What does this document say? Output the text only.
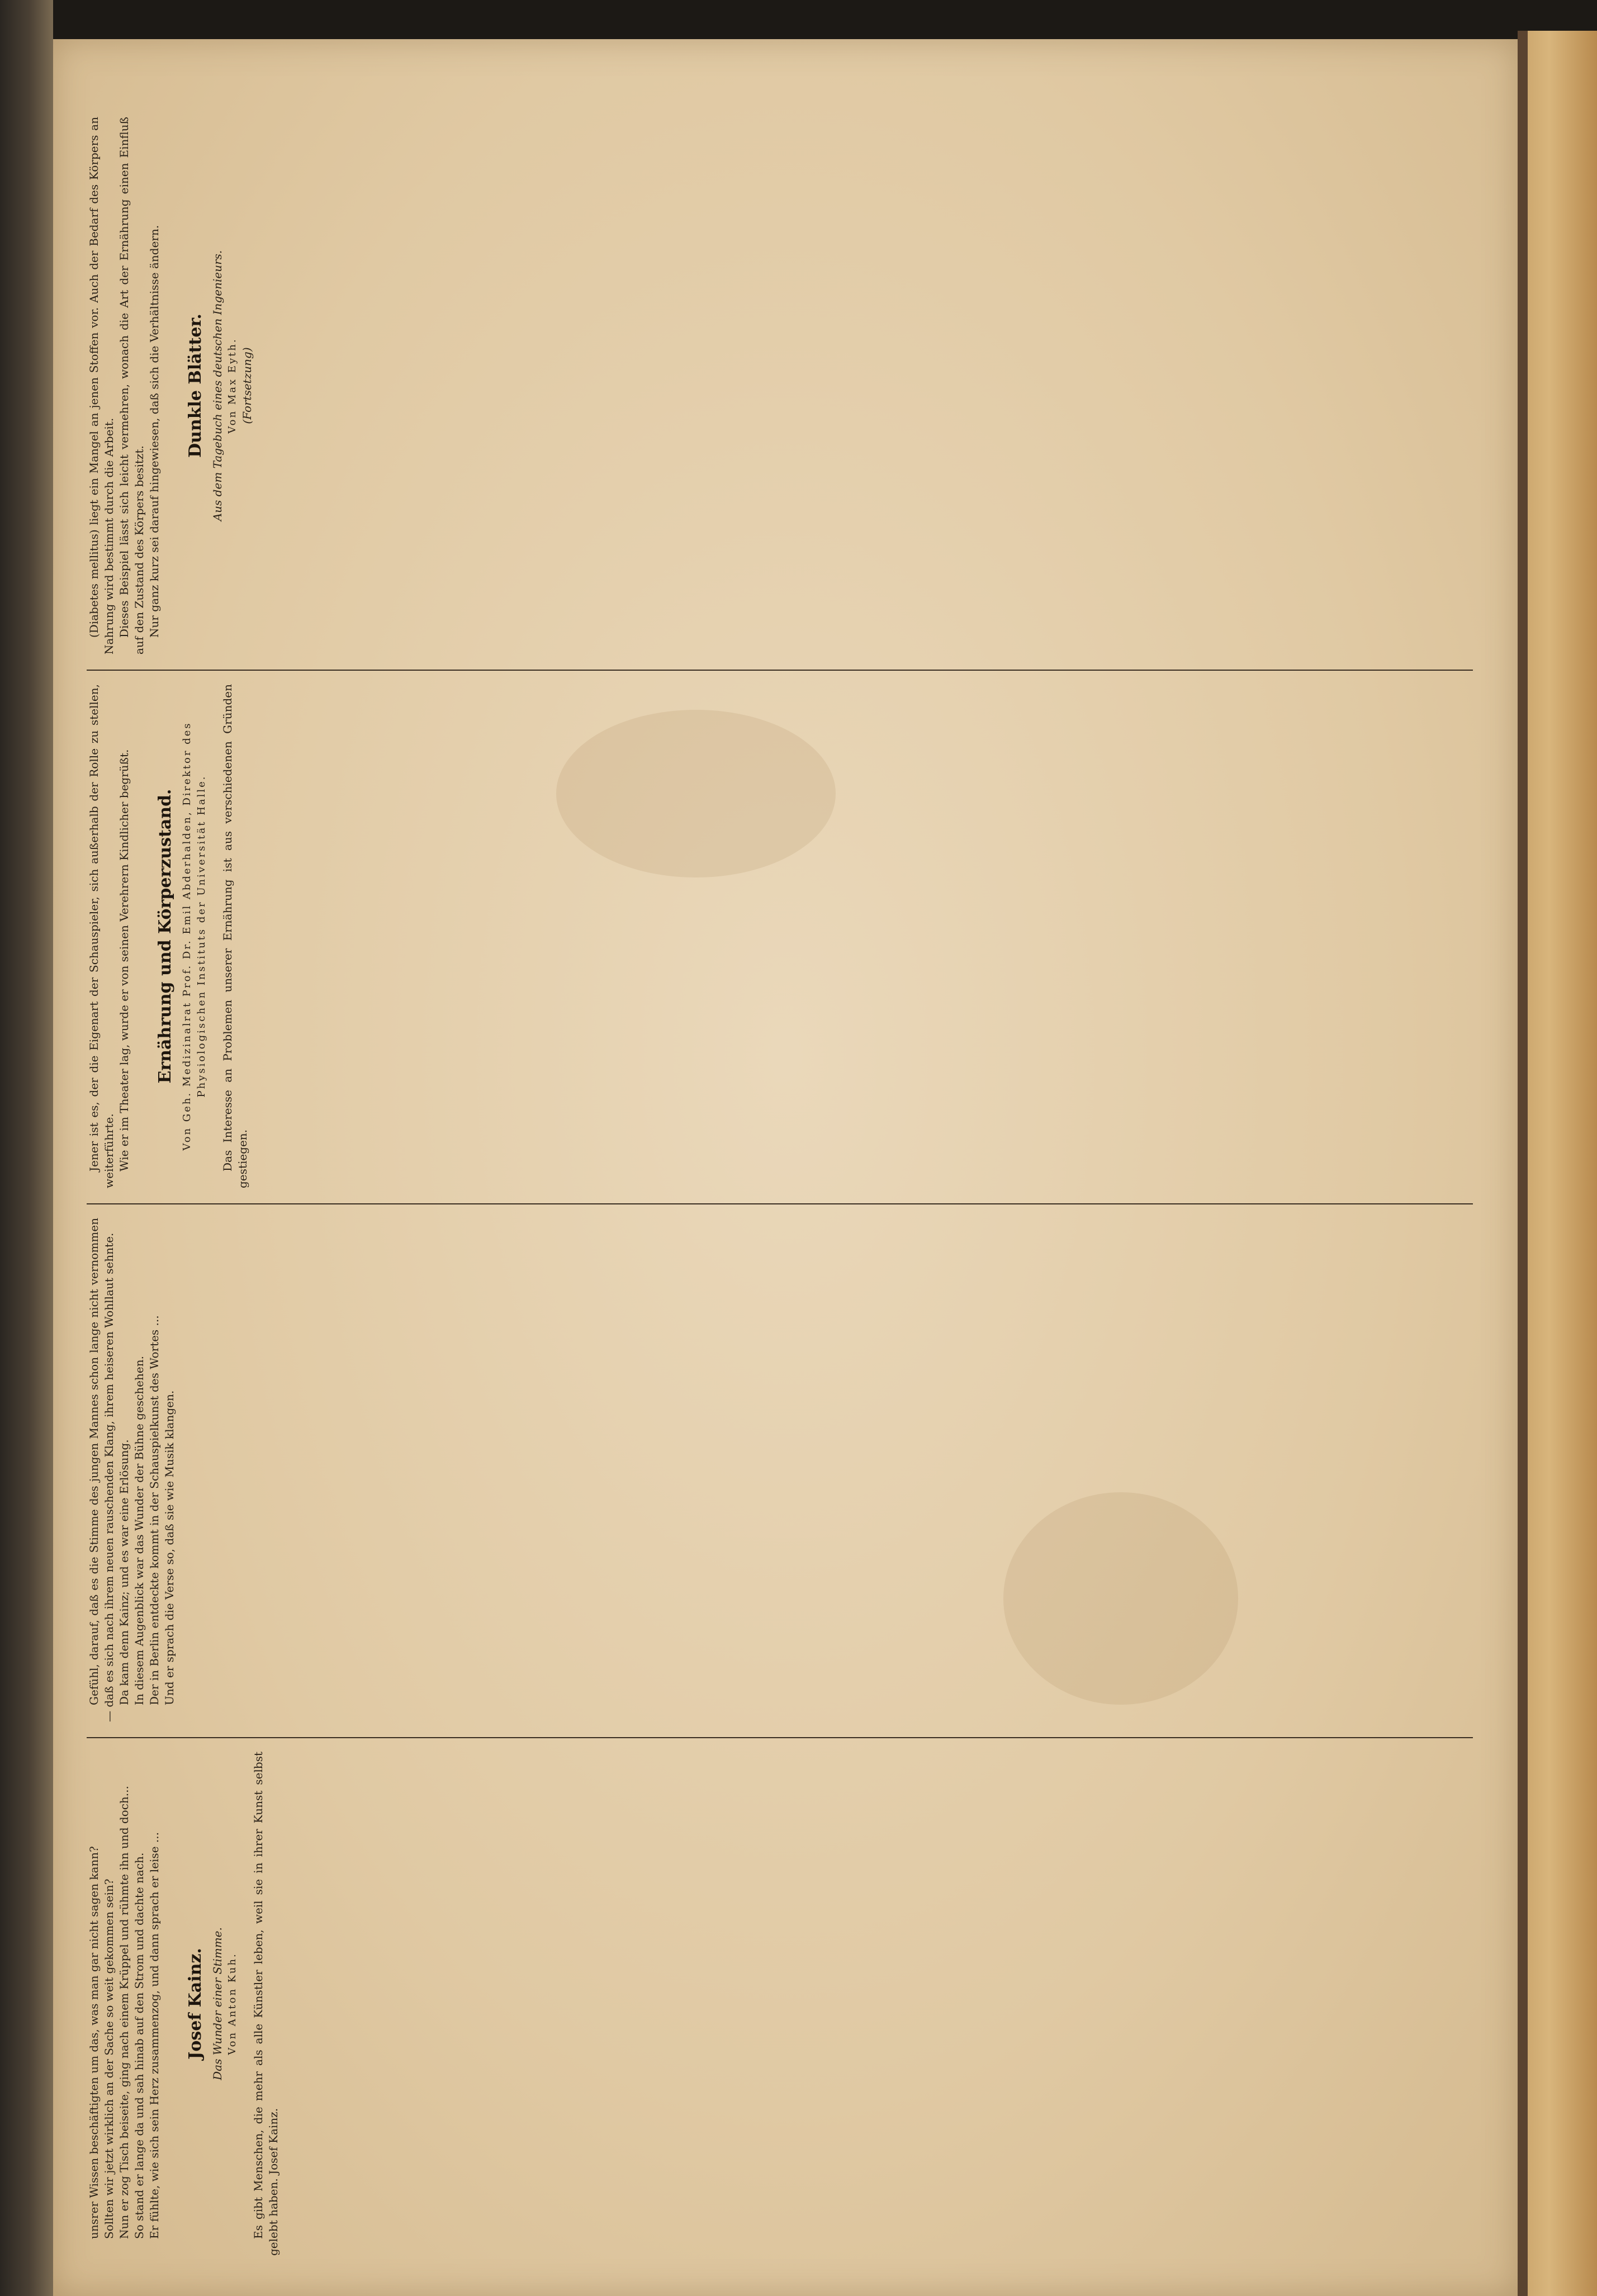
unsrer Wissen beschäftigten um das, was man gar nicht sagen kann? Sollten wir jetzt wirklich an der Sache so weit gekommen sein? Nun er zog Tisch beiseite, ging nach einem Krüppel und rühmte ihn und doch... So stand er lange da und sah hinab auf den Strom und dachte nach. Er fühlte, wie sich sein Herz zusammenzog, und dann sprach er leise ... Josef Kainz. Das Wunder einer Stimme. Von Anton Kuh. Es gibt Menschen, die mehr als alle Künstler leben, weil sie in ihrer Kunst selbst gelebt haben. Josef Kainz.
Gefühl, darauf, daß es die Stimme des jungen Mannes schon lange nicht vernommen — daß es sich nach ihrem neuen rauschenden Klang, ihrem heiseren Wohllaut sehnte. Da kam denn Kainz; und es war eine Erlösung. In diesem Augenblick war das Wunder der Bühne geschehen. Der in Berlin entdeckte kommt in der Schauspielkunst des Wortes ... Und er sprach die Verse so, daß sie wie Musik klangen.
Jener ist es, der die Eigenart der Schauspieler, sich außerhalb der Rolle zu stellen, weiterführte. Wie er im Theater lag, wurde er von seinen Verehrern Kindlicher begrüßt. Ernährung und Körperzustand. Von Geh. Medizinalrat Prof. Dr. Emil Abderhalden, Direktor des Physiologischen Instituts der Universität Halle. Das Interesse an Problemen unserer Ernährung ist aus verschiedenen Gründen gestiegen.
(Diabetes mellitus) liegt ein Mangel an jenen Stoffen vor. Auch der Bedarf des Körpers an Nahrung wird bestimmt durch die Arbeit. Dieses Beispiel lässt sich leicht vermehren, wonach die Art der Ernährung einen Einfluß auf den Zustand des Körpers besitzt. Nur ganz kurz sei darauf hingewiesen, daß sich die Verhältnisse ändern. Dunkle Blätter. Aus dem Tagebuch eines deutschen Ingenieurs. Von Max Eyth. (Fortsetzung)
